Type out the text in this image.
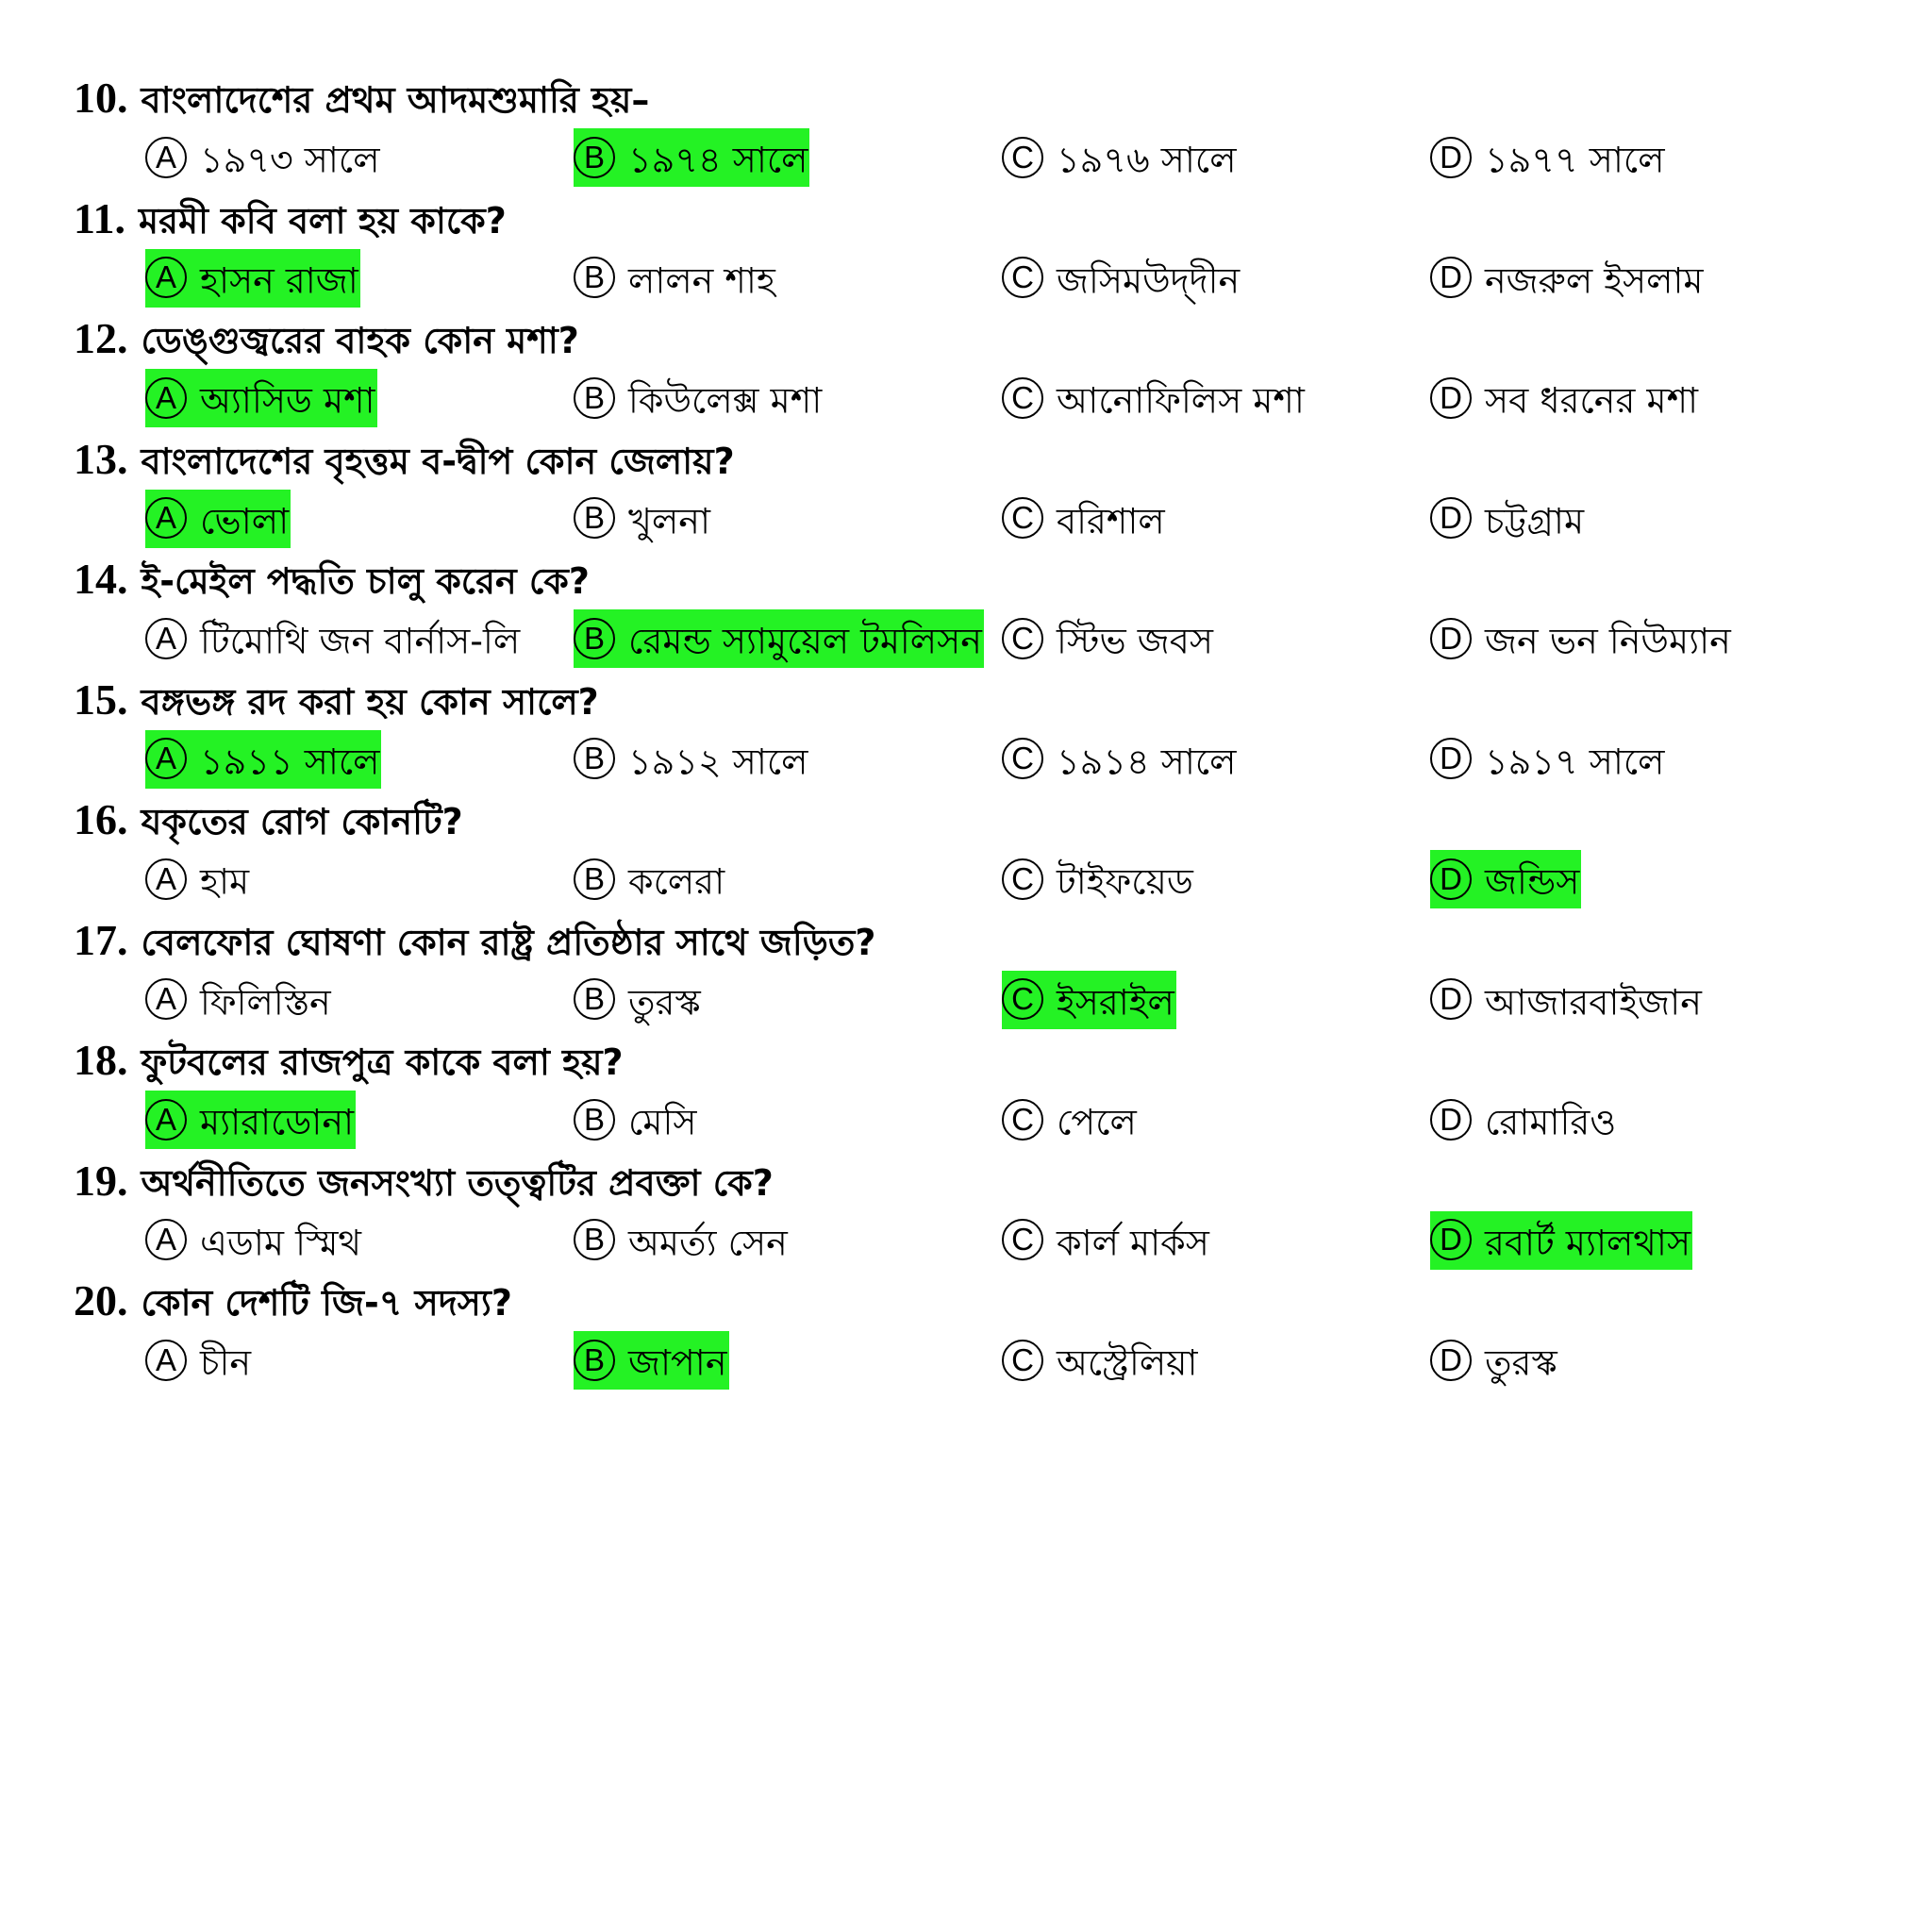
10. বাংলাদেশের প্রথম আদমশুমারি হয়–
A ১৯৭৩ সালে	B ১৯৭৪ সালে	C ১৯৭৬ সালে	D ১৯৭৭ সালে
11. মরমী কবি বলা হয় কাকে?
A হাসন রাজা	B লালন শাহ	C জসিমউদ্‌দীন	D নজরুল ইসলাম
12. ডেঙ্গুজ্বরের বাহক কোন মশা?
A অ্যাসিড মশা	B কিউলেক্স মশা	C আনোফিলিস মশা	D সব ধরনের মশা
13. বাংলাদেশের বৃহত্তম ব-দ্বীপ কোন জেলায়?
A ভোলা	B খুলনা	C বরিশাল	D চট্টগ্রাম
14. ই-মেইল পদ্ধতি চালু করেন কে?
A টিমোথি জন বার্নাস-লি	B রেমন্ড স্যামুয়েল টমলিসন C স্টিভ জবস	D জন ভন নিউম্যান
15. বঙ্গভঙ্গ রদ করা হয় কোন সালে?
A ১৯১১ সালে	B ১৯১২ সালে	C ১৯১৪ সালে	D ১৯১৭ সালে
16. যকৃতের রোগ কোনটি?
A হাম	B কলেরা	C টাইফয়েড	D জন্ডিস
17. বেলফোর ঘোষণা কোন রাষ্ট্র প্রতিষ্ঠার সাথে জড়িত?
A ফিলিস্তিন	B তুরস্ক	C ইসরাইল	D আজারবাইজান
18. ফুটবলের রাজপুত্র কাকে বলা হয়?
A ম্যারাডোনা	B মেসি	C পেলে	D রোমারিও
19. অর্থনীতিতে জনসংখ্যা তত্ত্বটির প্রবক্তা কে?
A এডাম স্মিথ	B অমর্ত্য সেন	C কার্ল মার্কস	D রবার্ট ম্যালথাস
20. কোন দেশটি জি-৭ সদস্য?
A চীন	B জাপান	C অস্ট্রেলিয়া	D তুরস্ক
